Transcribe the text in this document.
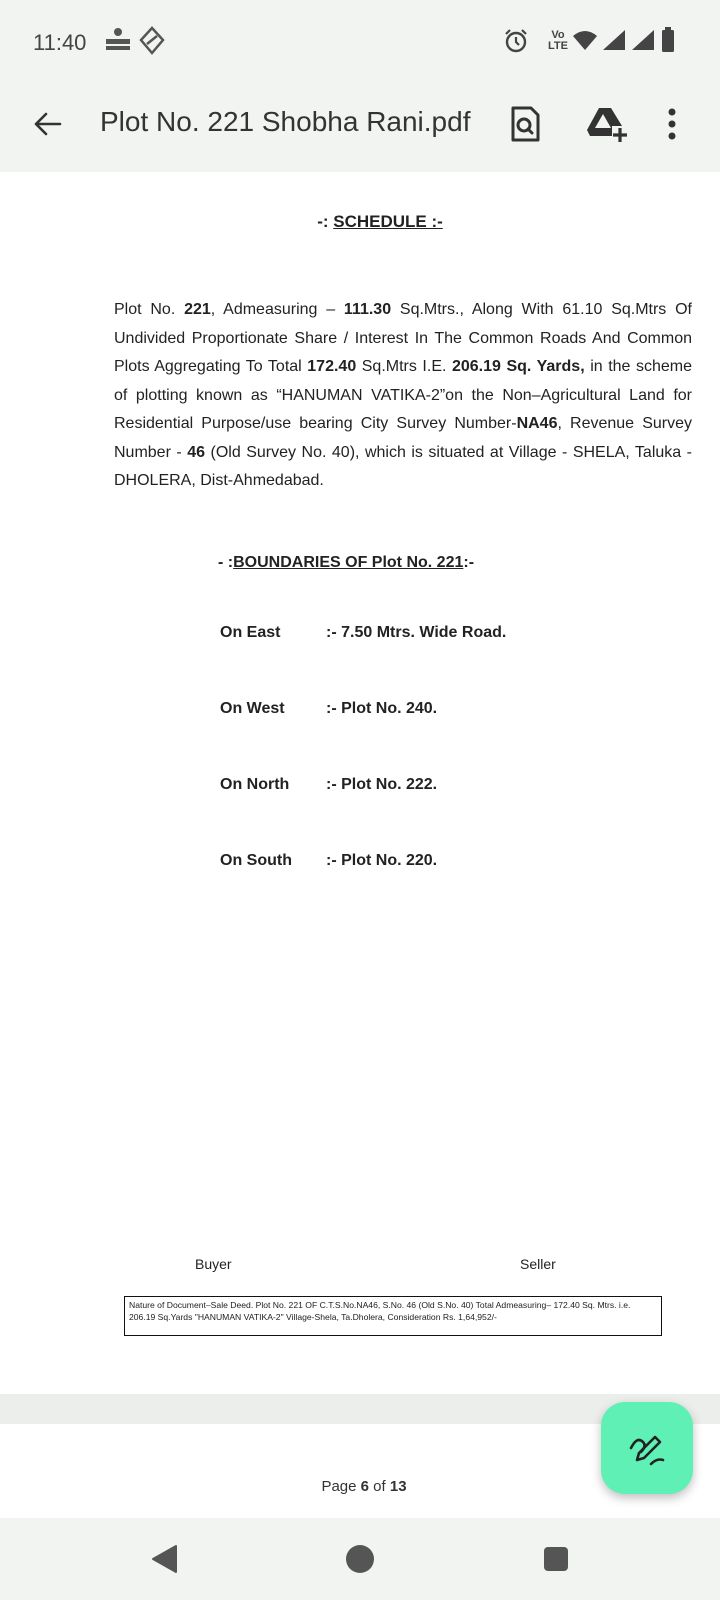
11:40	Vo
LTE
Plot No. 221 Shobha Rani.pdf
-: SCHEDULE :-
Plot No. 221, Admeasuring – 111.30 Sq.Mtrs., Along With 61.10 Sq.Mtrs Of Undivided Proportionate Share / Interest In The Common Roads And Common Plots Aggregating To Total 172.40 Sq.Mtrs I.E. 206.19 Sq. Yards, in the scheme of plotting known as “HANUMAN VATIKA-2”on the Non–Agricultural Land for Residential Purpose/use bearing City Survey Number-NA46, Revenue Survey Number - 46 (Old Survey No. 40), which is situated at Village - SHELA, Taluka - DHOLERA, Dist-Ahmedabad.
- :BOUNDARIES OF Plot No. 221:-
On East	:- 7.50 Mtrs. Wide Road.
On West	:- Plot No. 240.
On North :- Plot No. 222.
On South :- Plot No. 220.
Buyer	Seller
Nature of Document–Sale Deed. Plot No. 221 OF C.T.S.No.NA46, S.No. 46 (Old S.No. 40) Total Admeasuring– 172.40 Sq. Mtrs. i.e. 206.19 Sq.Yards "HANUMAN VATIKA-2" Village-Shela, Ta.Dholera, Consideration Rs. 1,64,952/-
Page 6 of 13
